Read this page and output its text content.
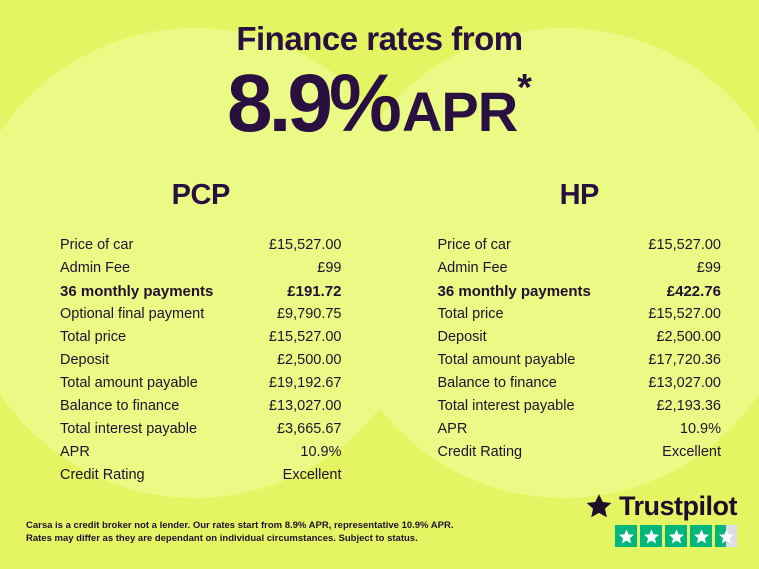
Finance rates from
8.9%APR*
PCP
Price of car	£15,527.00
Admin Fee	£99
36 monthly payments	£191.72
Optional final payment	£9,790.75
Total price	£15,527.00
Deposit	£2,500.00
Total amount payable	£19,192.67
Balance to finance	£13,027.00
Total interest payable	£3,665.67
APR	10.9%
Credit Rating	Excellent
HP
Price of car	£15,527.00
Admin Fee	£99
36 monthly payments	£422.76
Total price	£15,527.00
Deposit	£2,500.00
Total amount payable	£17,720.36
Balance to finance	£13,027.00
Total interest payable	£2,193.36
APR	10.9%
Credit Rating	Excellent
Carsa is a credit broker not a lender. Our rates start from 8.9% APR, representative 10.9% APR.
Rates may differ as they are dependant on individual circumstances. Subject to status.
Trustpilot
